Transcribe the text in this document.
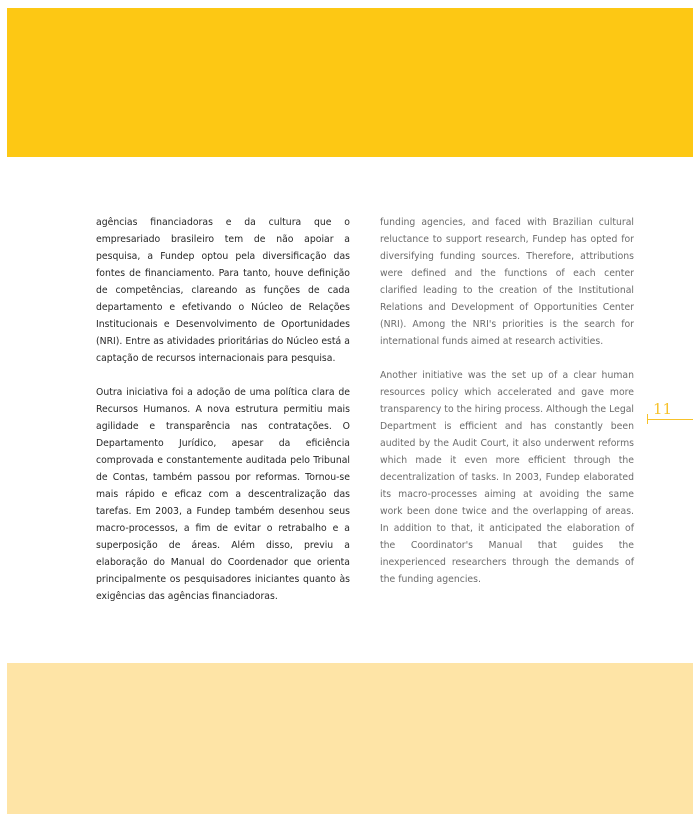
agências financiadoras e da cultura que o empresariado brasileiro tem de não apoiar a pesquisa, a Fundep optou pela diversificação das fontes de financiamento. Para tanto, houve definição de competências, clareando as funções de cada departamento e efetivando o Núcleo de Relações Institucionais e Desenvolvimento de Oportunidades (NRI). Entre as atividades prioritárias do Núcleo está a captação de recursos internacionais para pesquisa.

Outra iniciativa foi a adoção de uma política clara de Recursos Humanos. A nova estrutura permitiu mais agilidade e transparência nas contratações. O Departamento Jurídico, apesar da eficiência comprovada e constantemente auditada pelo Tribunal de Contas, também passou por reformas. Tornou-se mais rápido e eficaz com a descentralização das tarefas. Em 2003, a Fundep também desenhou seus macro-processos, a fim de evitar o retrabalho e a superposição de áreas. Além disso, previu a elaboração do Manual do Coordenador que orienta principalmente os pesquisadores iniciantes quanto às exigências das agências financiadoras.

funding agencies, and faced with Brazilian cultural reluctance to support research, Fundep has opted for diversifying funding sources. Therefore, attributions were defined and the functions of each center clarified leading to the creation of the Institutional Relations and Development of Opportunities Center (NRI). Among the NRI's priorities is the search for international funds aimed at research activities.

Another initiative was the set up of a clear human resources policy which accelerated and gave more transparency to the hiring process. Although the Legal Department is efficient and has constantly been audited by the Audit Court, it also underwent reforms which made it even more efficient through the decentralization of tasks. In 2003, Fundep elaborated its macro-processes aiming at avoiding the same work been done twice and the overlapping of areas. In addition to that, it anticipated the elaboration of the Coordinator's Manual that guides the inexperienced researchers through the demands of the funding agencies.

11
